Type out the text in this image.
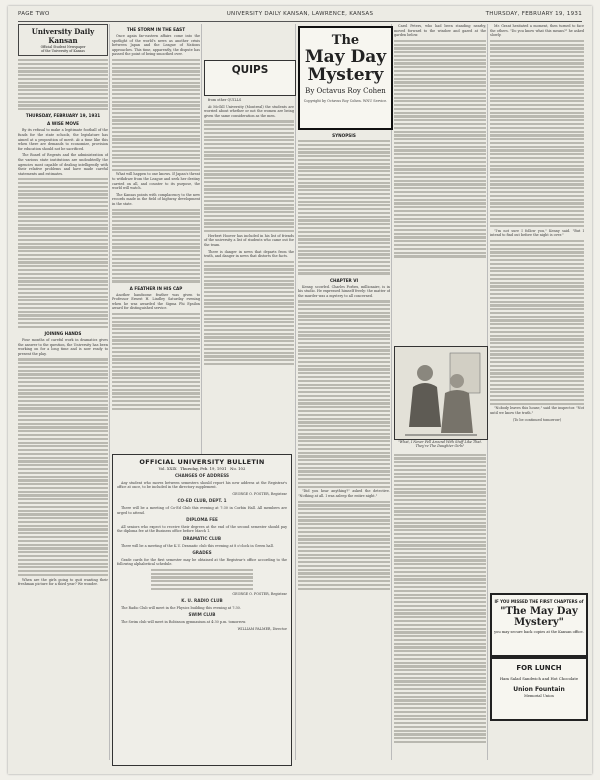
PAGE TWO	UNIVERSITY DAILY KANSAN, LAWRENCE, KANSAS	THURSDAY, FEBRUARY 19, 1931
University Daily Kansan
Official Student Newspaper
of the University of Kansas
THURSDAY, FEBRUARY 19, 1931
A WISE MOVE

By its refusal to make a legitimate football of the funds for the state schools, the legislature has aimed at a proposition of merit. At a time like this when there are demands to economize, provision for education should not be sacrificed.

The Board of Regents and the administration of the various state institutions are undoubtedly the agencies most capable of dealing intelligently with their relative problems and have made careful statements and estimates.

JOINING HANDS

Four months of careful work in dramatics gives the answer to the question, the University has been working on for a long time and is now ready to present the play.

When are the girls going to quit wanting their freshman picture for a third year? We wonder.

THE STORM IN THE EAST

Once again far-eastern affairs come into the spotlight of the world's news as another crisis between Japan and the League of Nations approaches. This time, apparently, the dispute has passed the point of being smoothed over.

What will happen to one knows. If Japan's threat to withdraw from the League and seek her destiny carried on all, and counter to its purpose, the world will watch.

The Kansas points with complacency to the new records made in the field of highway development in the state.

A FEATHER IN HIS CAP

Another handsome feather was given to Professor Ernest H. Lindley Saturday evening when he was awarded the Sigma Phi Epsilon award for distinguished service.

QUIPS

from other QUILLS

At McGill University (Montreal) the students are worried about whether or not the women are being given the same consideration as the men.

Herbert Hoover has included in his list of friends of the university a list of students who came out for the team.

There is danger in news that departs from the truth, and danger in news that distorts the facts.

OFFICIAL UNIVERSITY BULLETIN
Vol. XXIX Thursday, Feb. 19, 1931 No. 102
CHANGES OF ADDRESS

Any student who moves between semesters should report his new address at the Registrar's office at once, to be included in the directory supplement.

GEORGE O. FOSTER, Registrar

CO-ED CLUB, DEPT. 1

There will be a meeting of Co-Ed Club this evening at 7:30 in Corbin Hall. All members are urged to attend.

DIPLOMA FEE

All seniors who expect to receive their degrees at the end of the second semester should pay the diploma fee at the Business office before March 1.

DRAMATIC CLUB

There will be a meeting of the K.U. Dramatic club this evening at 8 o'clock in Green hall.

GRADES

Grade cards for the first semester may be obtained at the Registrar's office according to the following alphabetical schedule.

GEORGE O. FOSTER, Registrar

K. U. RADIO CLUB

The Radio Club will meet in the Physics building this evening at 7:30.

SWIM CLUB

The Swim club will meet in Robinson gymnasium at 4:30 p.m. tomorrow.

WILLIAM PALMER, Director

The
May Day
Mystery
By Octavus Roy Cohen
Copyright by Octavus Roy Cohen. WNU Service.
SYNOPSIS
CHAPTER VI

Kenny, scowled. Charles Forbes, millionaire, is in his studio. He expressed himself freely: the matter of the murder was a mystery to all concerned.

"Did you hear anything?" asked the detective. "Nothing at all. I was asleep the entire night."

Carol Peters, who had been standing nearby, moved forward to the window and gazed at the garden below.

"What, I Never Fell Around With Stuff Like That. They're The Daughter Girls"

Mr. Grant hesitated a moment, then turned to face the others. "Do you know what this means?" he asked slowly.

"I'm not sure I follow you," Kenny said. "But I intend to find out before the night is over."

"Nobody leaves this house," said the inspector. "Not until we know the truth."

(To be continued tomorrow)

IF YOU MISSED THE FIRST CHAPTERS of
"The May Day Mystery"
you may secure back copies at the Kansan office.
FOR LUNCH
Ham Salad Sandwich and Hot Chocolate
Union Fountain
Memorial Union
